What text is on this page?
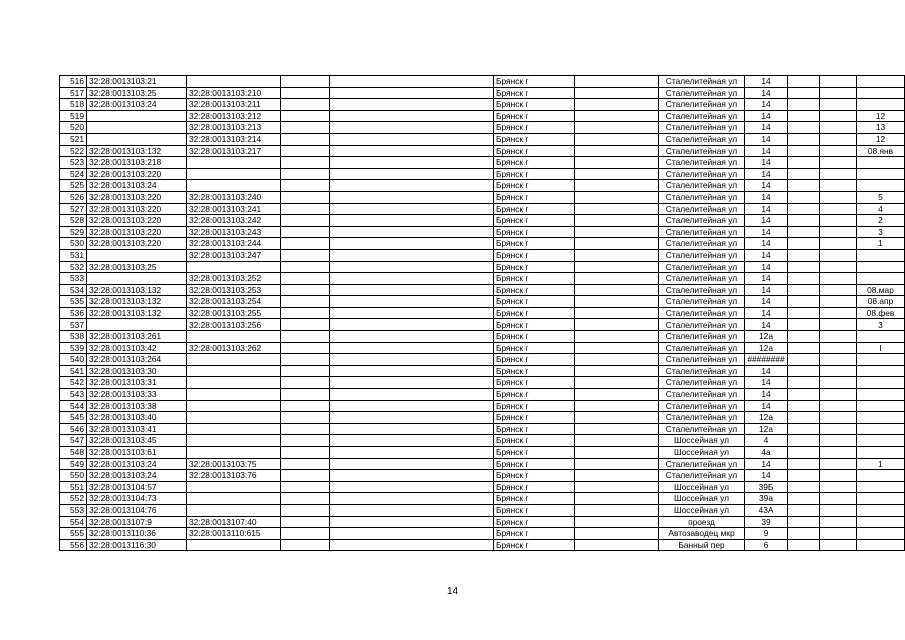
516	32:28:0013103:21				Брянск г		Сталелитейная ул	14			
517	32:28:0013103:25	32:28:0013103:210			Брянск г		Сталелитейная ул	14			
518	32:28:0013103:24	32:28:0013103:211			Брянск г		Сталелитейная ул	14			
519		32:28:0013103:212			Брянск г		Сталелитейная ул	14			12
520		32:28:0013103:213			Брянск г		Сталелитейная ул	14			13
521		32:28:0013103:214			Брянск г		Сталелитейная ул	14			12
522	32:28:0013103:132	32:28:0013103:217			Брянск г		Сталелитейная ул	14			08.янв
523	32:28:0013103:218				Брянск г		Сталелитейная ул	14			
524	32:28:0013103:220				Брянск г		Сталелитейная ул	14			
525	32:28:0013103:24				Брянск г		Сталелитейная ул	14			
526	32:28:0013103:220	32:28:0013103:240			Брянск г		Сталелитейная ул	14			5
527	32:28:0013103:220	32:28:0013103:241			Брянск г		Сталелитейная ул	14			4
528	32:28:0013103:220	32:28:0013103:242			Брянск г		Сталелитейная ул	14			2
529	32:28:0013103:220	32:28:0013103:243			Брянск г		Сталелитейная ул	14			3
530	32:28:0013103:220	32:28:0013103:244			Брянск г		Сталелитейная ул	14			1
531		32:28:0013103:247			Брянск г		Сталелитейная ул	14			
532	32:28:0013103:25				Брянск г		Сталелитейная ул	14			
533		32:28:0013103:252			Брянск г		Сталелитейная ул	14			
534	32:28:0013103:132	32:28:0013103:253			Брянск г		Сталелитейная ул	14			08.мар
535	32:28:0013103:132	32:28:0013103:254			Брянск г		Сталелитейная ул	14			08.апр
536	32:28:0013103:132	32:28:0013103:255			Брянск г		Сталелитейная ул	14			08.фев
537		32:28:0013103:256			Брянск г		Сталелитейная ул	14			3
538	32:28:0013103:261				Брянск г		Сталелитейная ул	12а			
539	32:28:0013103:42	32:28:0013103:262			Брянск г		Сталелитейная ул	12а			I
540	32:28:0013103:264				Брянск г		Сталелитейная ул	########			
541	32:28:0013103:30				Брянск г		Сталелитейная ул	14			
542	32:28:0013103:31				Брянск г		Сталелитейная ул	14			
543	32:28:0013103:33				Брянск г		Сталелитейная ул	14			
544	32:28:0013103:38				Брянск г		Сталелитейная ул	14			
545	32:28:0013103:40				Брянск г		Сталелитейная ул	12а			
546	32:28:0013103:41				Брянск г		Сталелитейная ул	12а			
547	32:28:0013103:45				Брянск г		Шоссейная ул	4			
548	32:28:0013103:61				Брянск г		Шоссейная ул	4а			
549	32:28:0013103:24	32:28:0013103:75			Брянск г		Сталелитейная ул	14			1
550	32:28:0013103:24	32:28:0013103:76			Брянск г		Сталелитейная ул	14			
551	32:28:0013104:57				Брянск г		Шоссейная ул	39Б			
552	32:28:0013104:73				Брянск г		Шоссейная ул	39а			
553	32:28:0013104:76				Брянск г		Шоссейная ул	43А			
554	32:28:0013107:9	32:28:0013107:40			Брянск г		проезд	39			
555	32:28:0013110:36	32:28:0013110:615			Брянск г		Автозаводец мкр	9			
556	32:28:0013116:30				Брянск г		Банный пер	6			
14
